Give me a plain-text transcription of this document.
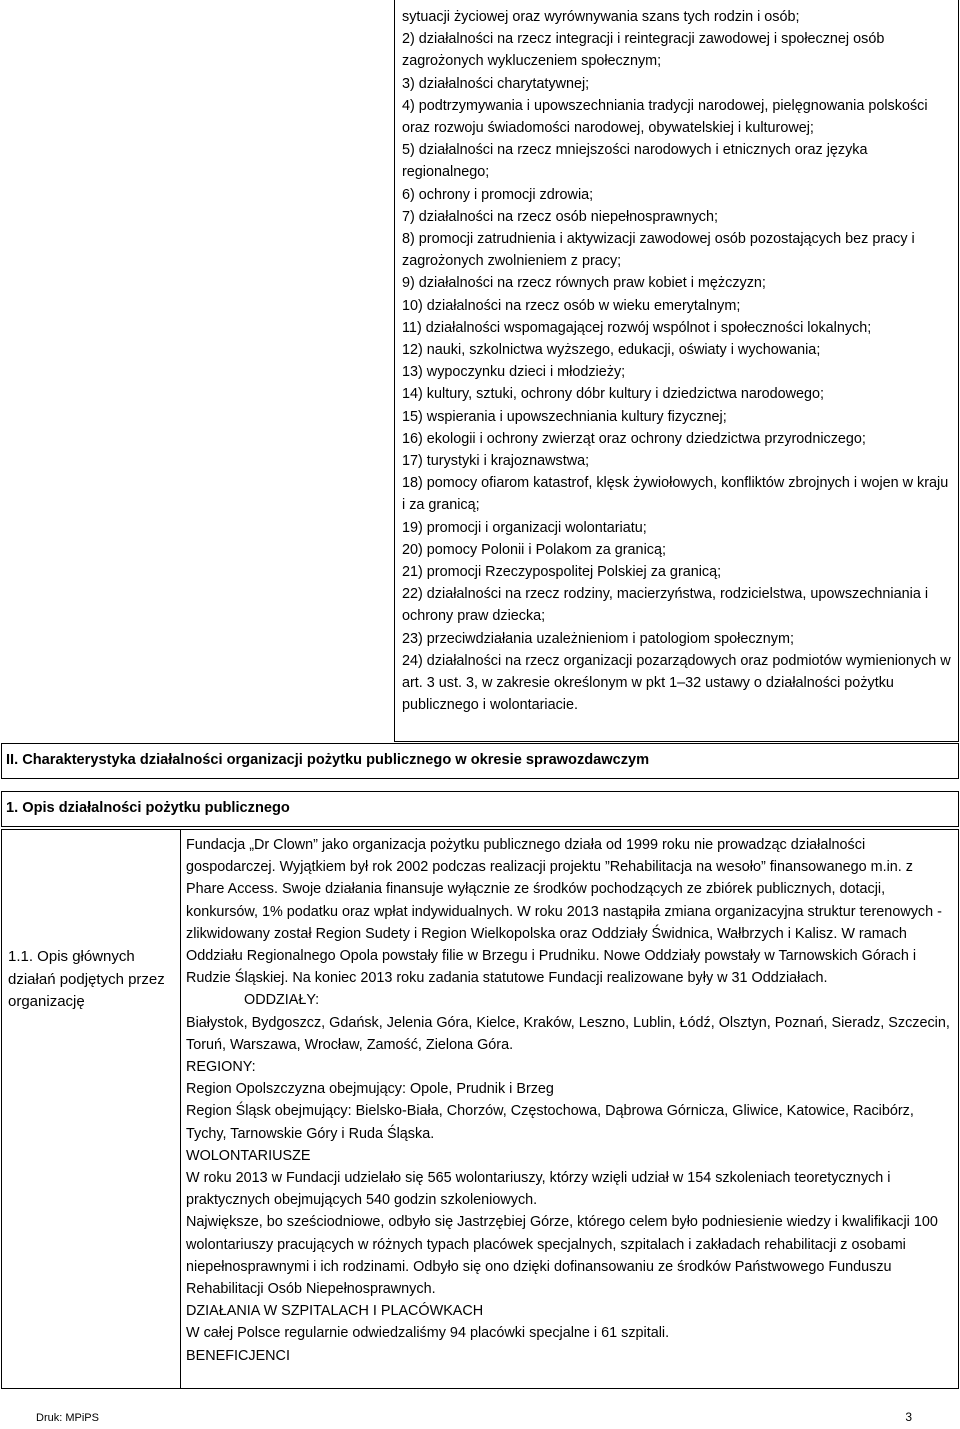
sytuacji życiowej oraz wyrównywania szans tych rodzin i osób;
2) działalności na rzecz integracji i reintegracji zawodowej i społecznej osób zagrożonych wykluczeniem społecznym;
3) działalności charytatywnej;
4) podtrzymywania i upowszechniania tradycji narodowej, pielęgnowania polskości oraz rozwoju świadomości narodowej, obywatelskiej i kulturowej;
5) działalności na rzecz mniejszości narodowych i etnicznych oraz języka regionalnego;
6) ochrony i promocji zdrowia;
7) działalności na rzecz osób niepełnosprawnych;
8) promocji zatrudnienia i aktywizacji zawodowej osób pozostających bez pracy i zagrożonych zwolnieniem z pracy;
9) działalności na rzecz równych praw kobiet i mężczyzn;
10) działalności na rzecz osób w wieku emerytalnym;
11) działalności wspomagającej rozwój wspólnot i społeczności lokalnych;
12) nauki, szkolnictwa wyższego, edukacji, oświaty i wychowania;
13) wypoczynku dzieci i młodzieży;
14) kultury, sztuki, ochrony dóbr kultury i dziedzictwa narodowego;
15) wspierania i upowszechniania kultury fizycznej;
16) ekologii i ochrony zwierząt oraz ochrony dziedzictwa przyrodniczego;
17) turystyki i krajoznawstwa;
18) pomocy ofiarom katastrof, klęsk żywiołowych, konfliktów zbrojnych i wojen w kraju i za granicą;
19) promocji i organizacji wolontariatu;
20) pomocy Polonii i Polakom za granicą;
21) promocji Rzeczypospolitej Polskiej za granicą;
22) działalności na rzecz rodziny, macierzyństwa, rodzicielstwa, upowszechniania i ochrony praw dziecka;
23) przeciwdziałania uzależnieniom i patologiom społecznym;
24) działalności na rzecz organizacji pozarządowych oraz podmiotów wymienionych w art. 3 ust. 3, w zakresie określonym w pkt 1–32 ustawy o działalności pożytku publicznego i wolontariacie.
II. Charakterystyka działalności organizacji pożytku publicznego w okresie sprawozdawczym
1. Opis działalności pożytku publicznego
1.1. Opis głównych działań podjętych przez organizację

Fundacja „Dr Clown” jako organizacja pożytku publicznego działa od 1999 roku nie prowadząc działalności gospodarczej. Wyjątkiem był rok 2002 podczas realizacji projektu ”Rehabilitacja na wesoło” finansowanego m.in. z Phare Access. Swoje działania finansuje wyłącznie ze środków pochodzących ze zbiórek publicznych, dotacji, konkursów, 1% podatku oraz wpłat indywidualnych. W roku 2013 nastąpiła zmiana organizacyjna struktur terenowych - zlikwidowany został Region Sudety i Region Wielkopolska oraz Oddziały Świdnica, Wałbrzych i Kalisz. W ramach Oddziału Regionalnego Opola powstały filie w Brzegu i Prudniku. Nowe Oddziały powstały w Tarnowskich Górach i Rudzie Śląskiej. Na koniec 2013 roku zadania statutowe Fundacji realizowane były w 31 Oddziałach.

ODDZIAŁY:

Białystok, Bydgoszcz, Gdańsk, Jelenia Góra, Kielce, Kraków, Leszno, Lublin, Łódź, Olsztyn, Poznań, Sieradz, Szczecin, Toruń, Warszawa, Wrocław, Zamość, Zielona Góra.

REGIONY:

Region Opolszczyzna obejmujący: Opole, Prudnik i Brzeg

Region Śląsk obejmujący: Bielsko-Biała, Chorzów, Częstochowa, Dąbrowa Górnicza, Gliwice, Katowice, Racibórz, Tychy, Tarnowskie Góry i Ruda Śląska.

WOLONTARIUSZE

W roku 2013 w Fundacji udzielało się 565 wolontariuszy, którzy wzięli udział w 154 szkoleniach teoretycznych i praktycznych obejmujących 540 godzin szkoleniowych.

Największe, bo sześciodniowe, odbyło się Jastrzębiej Górze, którego celem było podniesienie wiedzy i kwalifikacji 100 wolontariuszy pracujących w różnych typach placówek specjalnych, szpitalach i zakładach rehabilitacji z osobami niepełnosprawnymi i ich rodzinami. Odbyło się ono dzięki dofinansowaniu ze środków Państwowego Funduszu Rehabilitacji Osób Niepełnosprawnych.

DZIAŁANIA W SZPITALACH I PLACÓWKACH

W całej Polsce regularnie odwiedzaliśmy 94 placówki specjalne i 61 szpitali.

BENEFICJENCI

Druk: MPiPS	3
